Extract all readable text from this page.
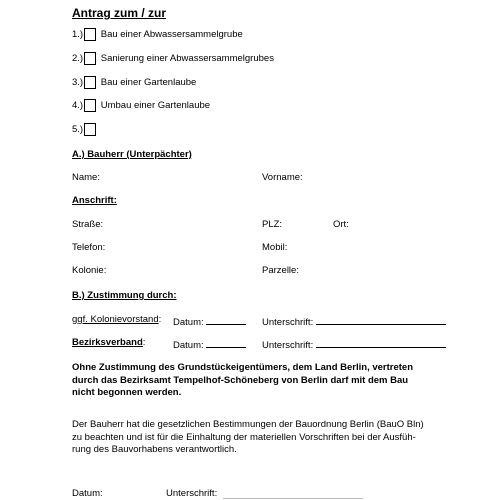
Antrag zum / zur
1.) Bau einer Abwassersammelgrube
2.) Sanierung einer Abwassersammelgrubes
3.) Bau einer Gartenlaube
4.) Umbau einer Gartenlaube
5.)
A.) Bauherr (Unterpächter)
Name:	Vorname:
Anschrift:
Straße:	PLZ:	Ort:
Telefon:	Mobil:
Kolonie:	Parzelle:
B.) Zustimmung durch:
ggf. Kolonievorstand: Datum:	Unterschrift:
Bezirksverband:	Datum:	Unterschrift:
Ohne Zustimmung des Grundstückeigentümers, dem Land Berlin, vertreten
durch das Bezirksamt Tempelhof-Schöneberg von Berlin darf mit dem Bau
nicht begonnen werden.
Der Bauherr hat die gesetzlichen Bestimmungen der Bauordnung Berlin (BauO Bln)
zu beachten und ist für die Einhaltung der materiellen Vorschriften bei der Ausfüh-
rung des Bauvorhabens verantwortlich.
Datum:	Unterschrift:
